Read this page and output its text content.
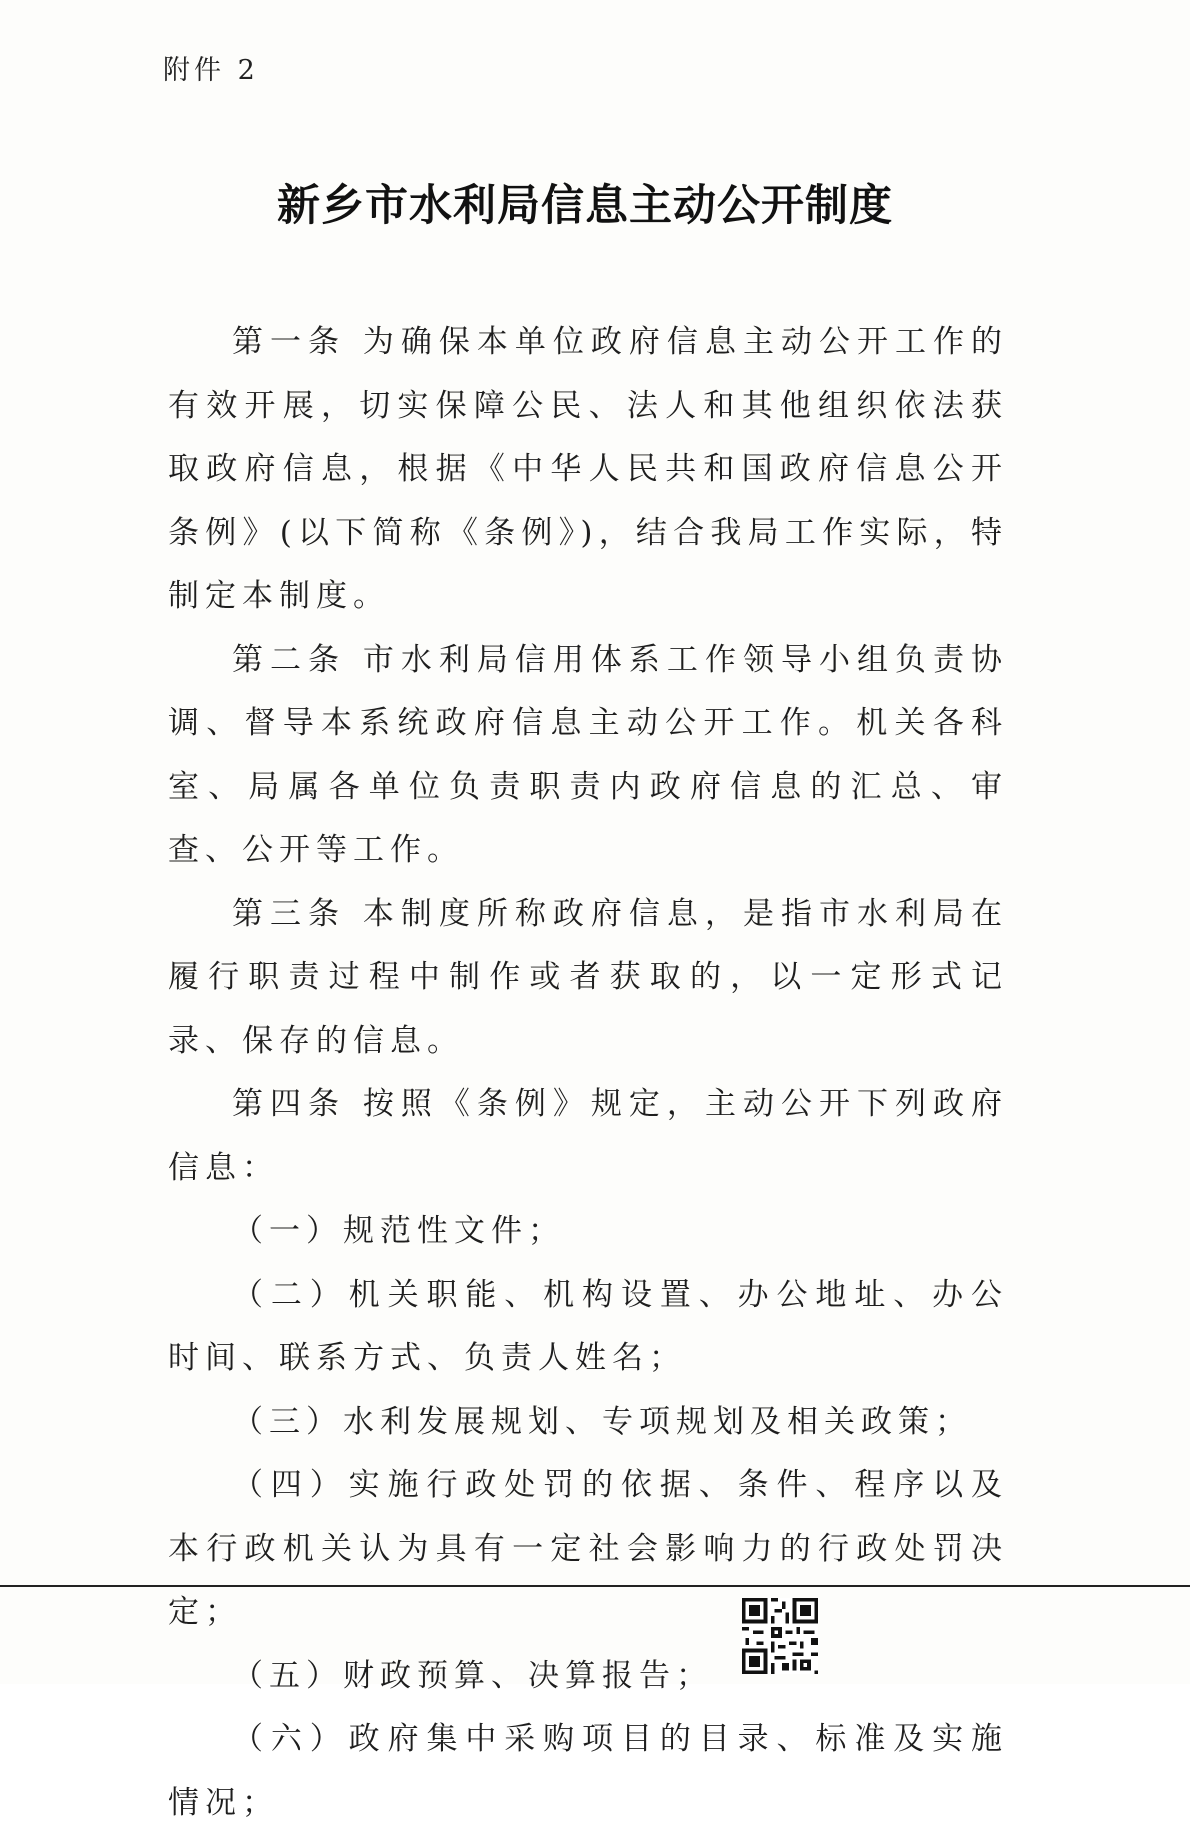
附件 2
新乡市水利局信息主动公开制度

第一条 为确保本单位政府信息主动公开工作的有效开展，切实保障公民、法人和其他组织依法获取政府信息，根据《中华人民共和国政府信息公开条例》(以下简称《条例》)，结合我局工作实际，特制定本制度。

第二条 市水利局信用体系工作领导小组负责协调、督导本系统政府信息主动公开工作。机关各科室、局属各单位负责职责内政府信息的汇总、审查、公开等工作。

第三条 本制度所称政府信息，是指市水利局在履行职责过程中制作或者获取的，以一定形式记录、保存的信息。

第四条 按照《条例》规定，主动公开下列政府信息：

（一）规范性文件；

（二）机关职能、机构设置、办公地址、办公时间、联系方式、负责人姓名；

（三）水利发展规划、专项规划及相关政策；

（四）实施行政处罚的依据、条件、程序以及本行政机关认为具有一定社会影响力的行政处罚决定；

（五）财政预算、决算报告；

（六）政府集中采购项目的目录、标准及实施情况；
